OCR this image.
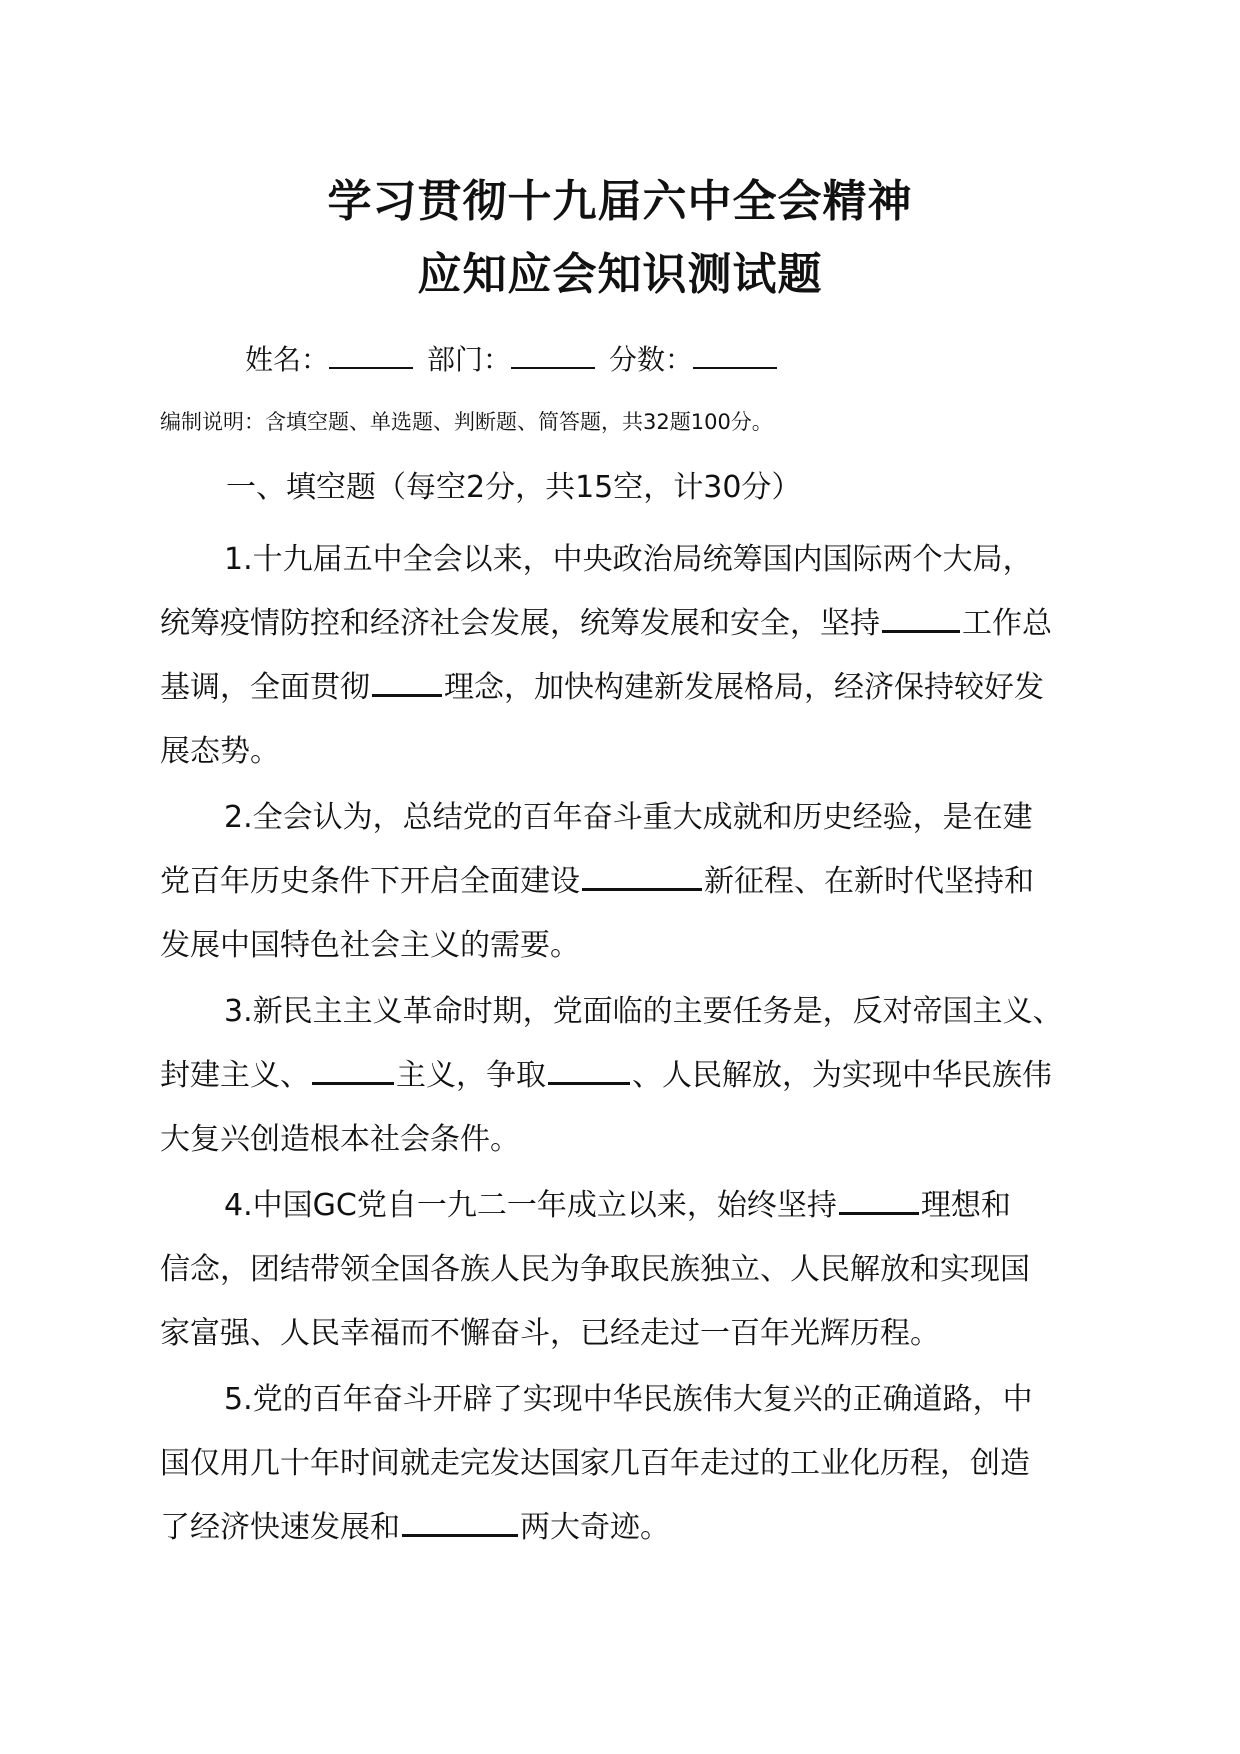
学习贯彻十九届六中全会精神
应知应会知识测试题
姓名：	部门：	分数：
编制说明：含填空题、单选题、判断题、简答题，共32题100分。
一、填空题（每空2分，共15空，计30分）
1.十九届五中全会以来，中央政治局统筹国内国际两个大局，
统筹疫情防控和经济社会发展，统筹发展和安全，坚持	工作总
基调，全面贯彻 理念，加快构建新发展格局，经济保持较好发
展态势。
2.全会认为，总结党的百年奋斗重大成就和历史经验，是在建
党百年历史条件下开启全面建设	新征程、在新时代坚持和
发展中国特色社会主义的需要。
3.新民主主义革命时期，党面临的主要任务是，反对帝国主义、
封建主义、	主义，争取	、人民解放，为实现中华民族伟
大复兴创造根本社会条件。
4.中国GC党自一九二一年成立以来，始终坚持	理想和
信念，团结带领全国各族人民为争取民族独立、人民解放和实现国
家富强、人民幸福而不懈奋斗，已经走过一百年光辉历程。
5.党的百年奋斗开辟了实现中华民族伟大复兴的正确道路，中
国仅用几十年时间就走完发达国家几百年走过的工业化历程，创造
了经济快速发展和	两大奇迹。
